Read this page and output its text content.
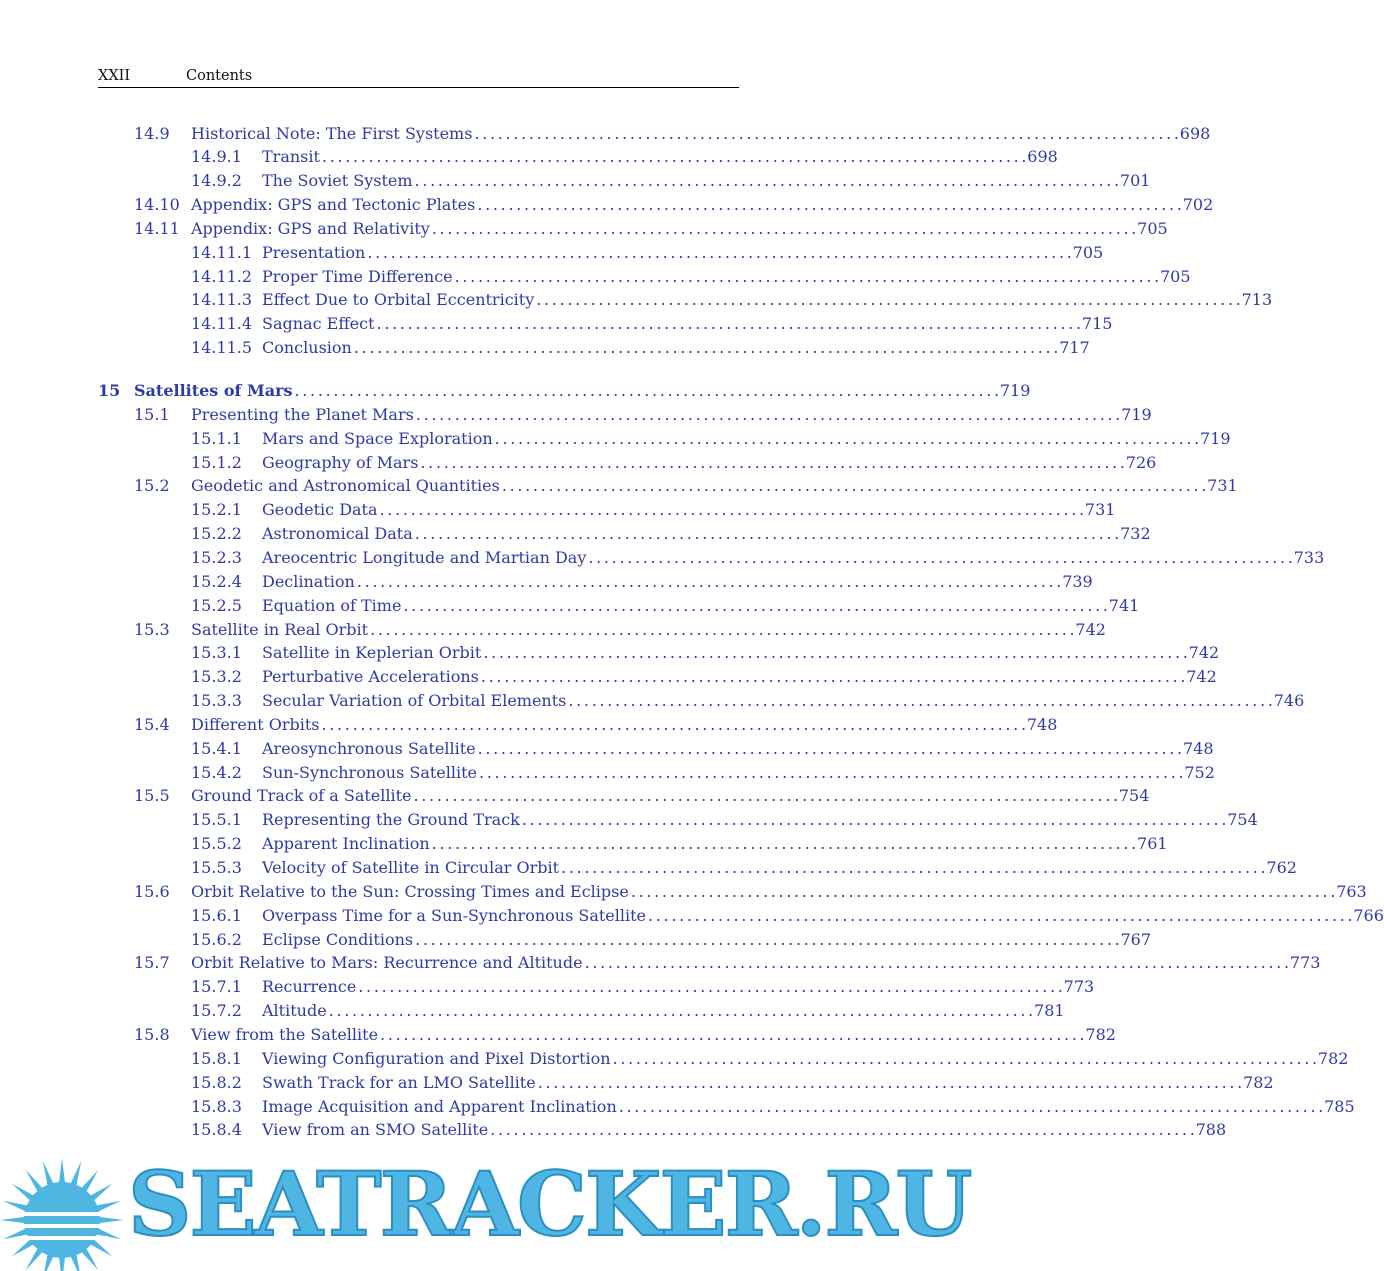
XXII	Contents
14.9	Historical Note: The First Systems . . .	698
14.9.1	Transit . . .	698
14.9.2	The Soviet System . . .	701
14.10 Appendix: GPS and Tectonic Plates . . .	702
14.11 Appendix: GPS and Relativity . . .	705
14.11.1 Presentation . . .	705
14.11.2 Proper Time Difference . . .	705
14.11.3 Effect Due to Orbital Eccentricity . . .	713
14.11.4 Sagnac Effect . . .	715
14.11.5 Conclusion . . .	717
15 Satellites of Mars . . .	719
15.1	Presenting the Planet Mars . . .	719
15.1.1	Mars and Space Exploration . . .	719
15.1.2	Geography of Mars . . .	726
15.2	Geodetic and Astronomical Quantities . . .	731
15.2.1	Geodetic Data . . .	731
15.2.2	Astronomical Data . . .	732
15.2.3	Areocentric Longitude and Martian Day . . .	733
15.2.4	Declination . . .	739
15.2.5	Equation of Time . . .	741
15.3	Satellite in Real Orbit . . .	742
15.3.1	Satellite in Keplerian Orbit . . .	742
15.3.2	Perturbative Accelerations . . .	742
15.3.3	Secular Variation of Orbital Elements . . .	746
15.4	Different Orbits . . .	748
15.4.1	Areosynchronous Satellite . . .	748
15.4.2	Sun-Synchronous Satellite . . .	752
15.5	Ground Track of a Satellite . . .	754
15.5.1	Representing the Ground Track . . .	754
15.5.2	Apparent Inclination . . .	761
15.5.3	Velocity of Satellite in Circular Orbit . . .	762
15.6	Orbit Relative to the Sun: Crossing Times and Eclipse . . .	763
15.6.1	Overpass Time for a Sun-Synchronous Satellite . . .	766
15.6.2	Eclipse Conditions . . .	767
15.7	Orbit Relative to Mars: Recurrence and Altitude . . .	773
15.7.1	Recurrence . . .	773
15.7.2	Altitude . . .	781
15.8	View from the Satellite . . .	782
15.8.1	Viewing Configuration and Pixel Distortion . . .	782
15.8.2	Swath Track for an LMO Satellite . . .	782
15.8.3	Image Acquisition and Apparent Inclination . . .	785
15.8.4	View from an SMO Satellite . . .	788
SEATRACKER.RU
